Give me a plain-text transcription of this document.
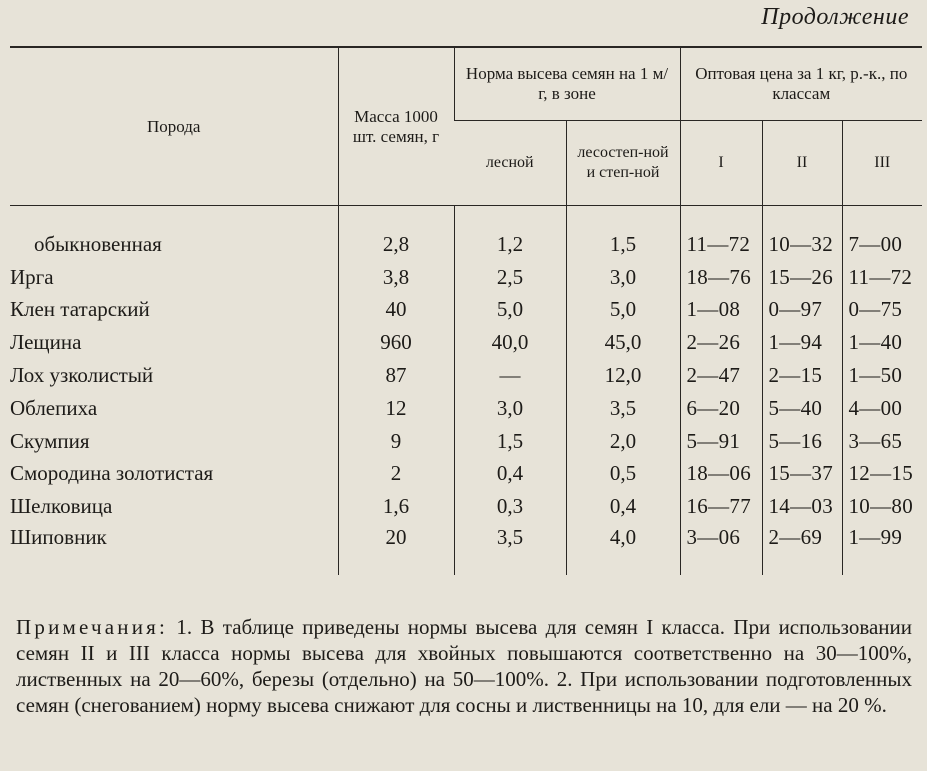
Продолжение
Порода	Масса 1000 шт. семян, г	Норма высева семян на 1 м/г, в зоне		Оптовая цена за 1 кг, р.-к., по классам		
		лесной	лесостеп-ной и степ-ной	I	II	III
обыкновенная	2,8	1,2	1,5	11—72	10—32	7—00
Ирга	3,8	2,5	3,0	18—76	15—26	11—72
Клен татарский	40	5,0	5,0	1—08	0—97	0—75
Лещина	960	40,0	45,0	2—26	1—94	1—40
Лох узколистый	87	—	12,0	2—47	2—15	1—50
Облепиха	12	3,0	3,5	6—20	5—40	4—00
Скумпия	9	1,5	2,0	5—91	5—16	3—65
Смородина золотистая	2	0,4	0,5	18—06	15—37	12—15
Шелковица	1,6	0,3	0,4	16—77	14—03	10—80
Шиповник	20	3,5	4,0	3—06	2—69	1—99
Примечания: 1. В таблице приведены нормы высева для семян I класса. При использовании семян II и III класса нормы высева для хвойных повышаются соответственно на 30—100%, лиственных на 20—60%, березы (отдельно) на 50—100%. 2. При использовании подготовленных семян (снегованием) норму высева снижают для сосны и лиственницы на 10, для ели — на 20 %.
